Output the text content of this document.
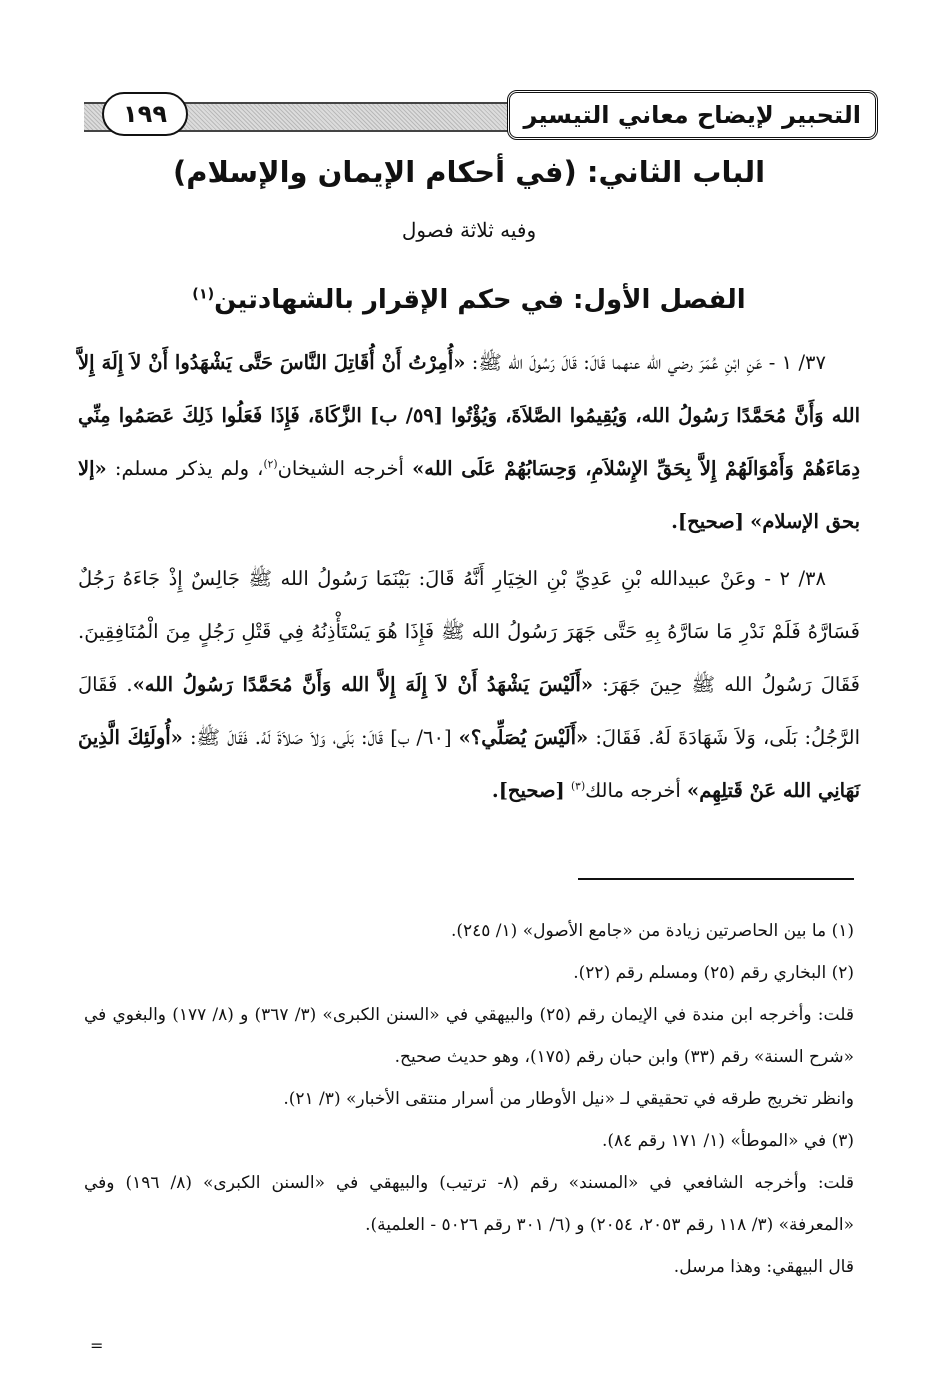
التحبير لإيضاح معاني التيسير
١٩٩
الباب الثاني: (في أحكام الإيمان والإسلام)
وفيه ثلاثة فصول
الفصل الأول: في حكم الإقرار بالشهادتين$^{(١)}$

٣٧/ ١ - عَنِ ابْنِ عُمَرَ رضي الله عنهما قَالَ: قَالَ رَسُولَ الله ﷺ: «أُمِرْتُ أَنْ أُقَاتِلَ النَّاسَ حَتَّى يَشْهَدُوا أَنْ لاَ إِلَهَ إِلاَّ الله وَأَنَّ مُحَمَّدًا رَسُولُ الله، وَيُقِيمُوا الصَّلاَةَ، وَيُؤْتُوا [٥٩/ ب] الزَّكَاةَ، فَإِذَا فَعَلُوا ذَلِكَ عَصَمُوا مِنِّي دِمَاءَهُمْ وَأَمْوَالَهُمْ إِلاَّ بِحَقِّ الإِسْلاَمِ، وَحِسَابُهُمْ عَلَى الله» أخرجه الشيخان$^{(٢)}$، ولم يذكر مسلم: «إلا بحق الإسلام» [صحيح].

٣٨/ ٢ - وعَنْ عبيدالله بْنِ عَدِيِّ بْنِ الخِيَارِ أَنَّهُ قَالَ: بَيْنَمَا رَسُولُ الله ﷺ جَالِسٌ إِذْ جَاءَهُ رَجُلٌ فَسَارَّهُ فَلَمْ نَدْرِ مَا سَارَّهُ بِهِ حَتَّى جَهَرَ رَسُولُ الله ﷺ فَإِذَا هُوَ يَسْتَأْذِنُهُ فِي قَتْلِ رَجُلٍ مِنَ الْمُنَافِقِينَ. فَقَالَ رَسُولُ الله ﷺ حِينَ جَهَرَ: «أَلَيْسَ يَشْهَدُ أَنْ لاَ إِلَهَ إِلاَّ الله وَأَنَّ مُحَمَّدًا رَسُولُ الله». فَقَالَ الرَّجُلُ: بَلَى، وَلاَ شَهَادَةَ لَهُ. فَقَالَ: «أَلَيْسَ يُصَلِّي؟» [٦٠/ ب] قَالَ: بَلَى، وَلاَ صَلاَةَ لَهُ. فَقَالَ ﷺ: «أُولَئِكَ الَّذِينَ نَهَانِي الله عَنْ قَتلِهِم» أخرجه مالك$^{(٣)}$ [صحيح].

(١) ما بين الحاصرتين زيادة من «جامع الأصول» (١/ ٢٤٥).

(٢) البخاري رقم (٢٥) ومسلم رقم (٢٢).

قلت: وأخرجه ابن مندة في الإيمان رقم (٢٥) والبيهقي في «السنن الكبرى» (٣/ ٣٦٧) و (٨/ ١٧٧) والبغوي في «شرح السنة» رقم (٣٣) وابن حبان رقم (١٧٥)، وهو حديث صحيح.

وانظر تخريج طرقه في تحقيقي لـ «نيل الأوطار من أسرار منتقى الأخبار» (٣/ ٢١).

(٣) في «الموطأ» (١/ ١٧١ رقم ٨٤).

قلت: وأخرجه الشافعي في «المسند» رقم (٨- ترتيب) والبيهقي في «السنن الكبرى» (٨/ ١٩٦) وفي «المعرفة» (٣/ ١١٨ رقم ٢٠٥٣، ٢٠٥٤) و (٦/ ٣٠١ رقم ٥٠٢٦ - العلمية).

قال البيهقي: وهذا مرسل.

=
